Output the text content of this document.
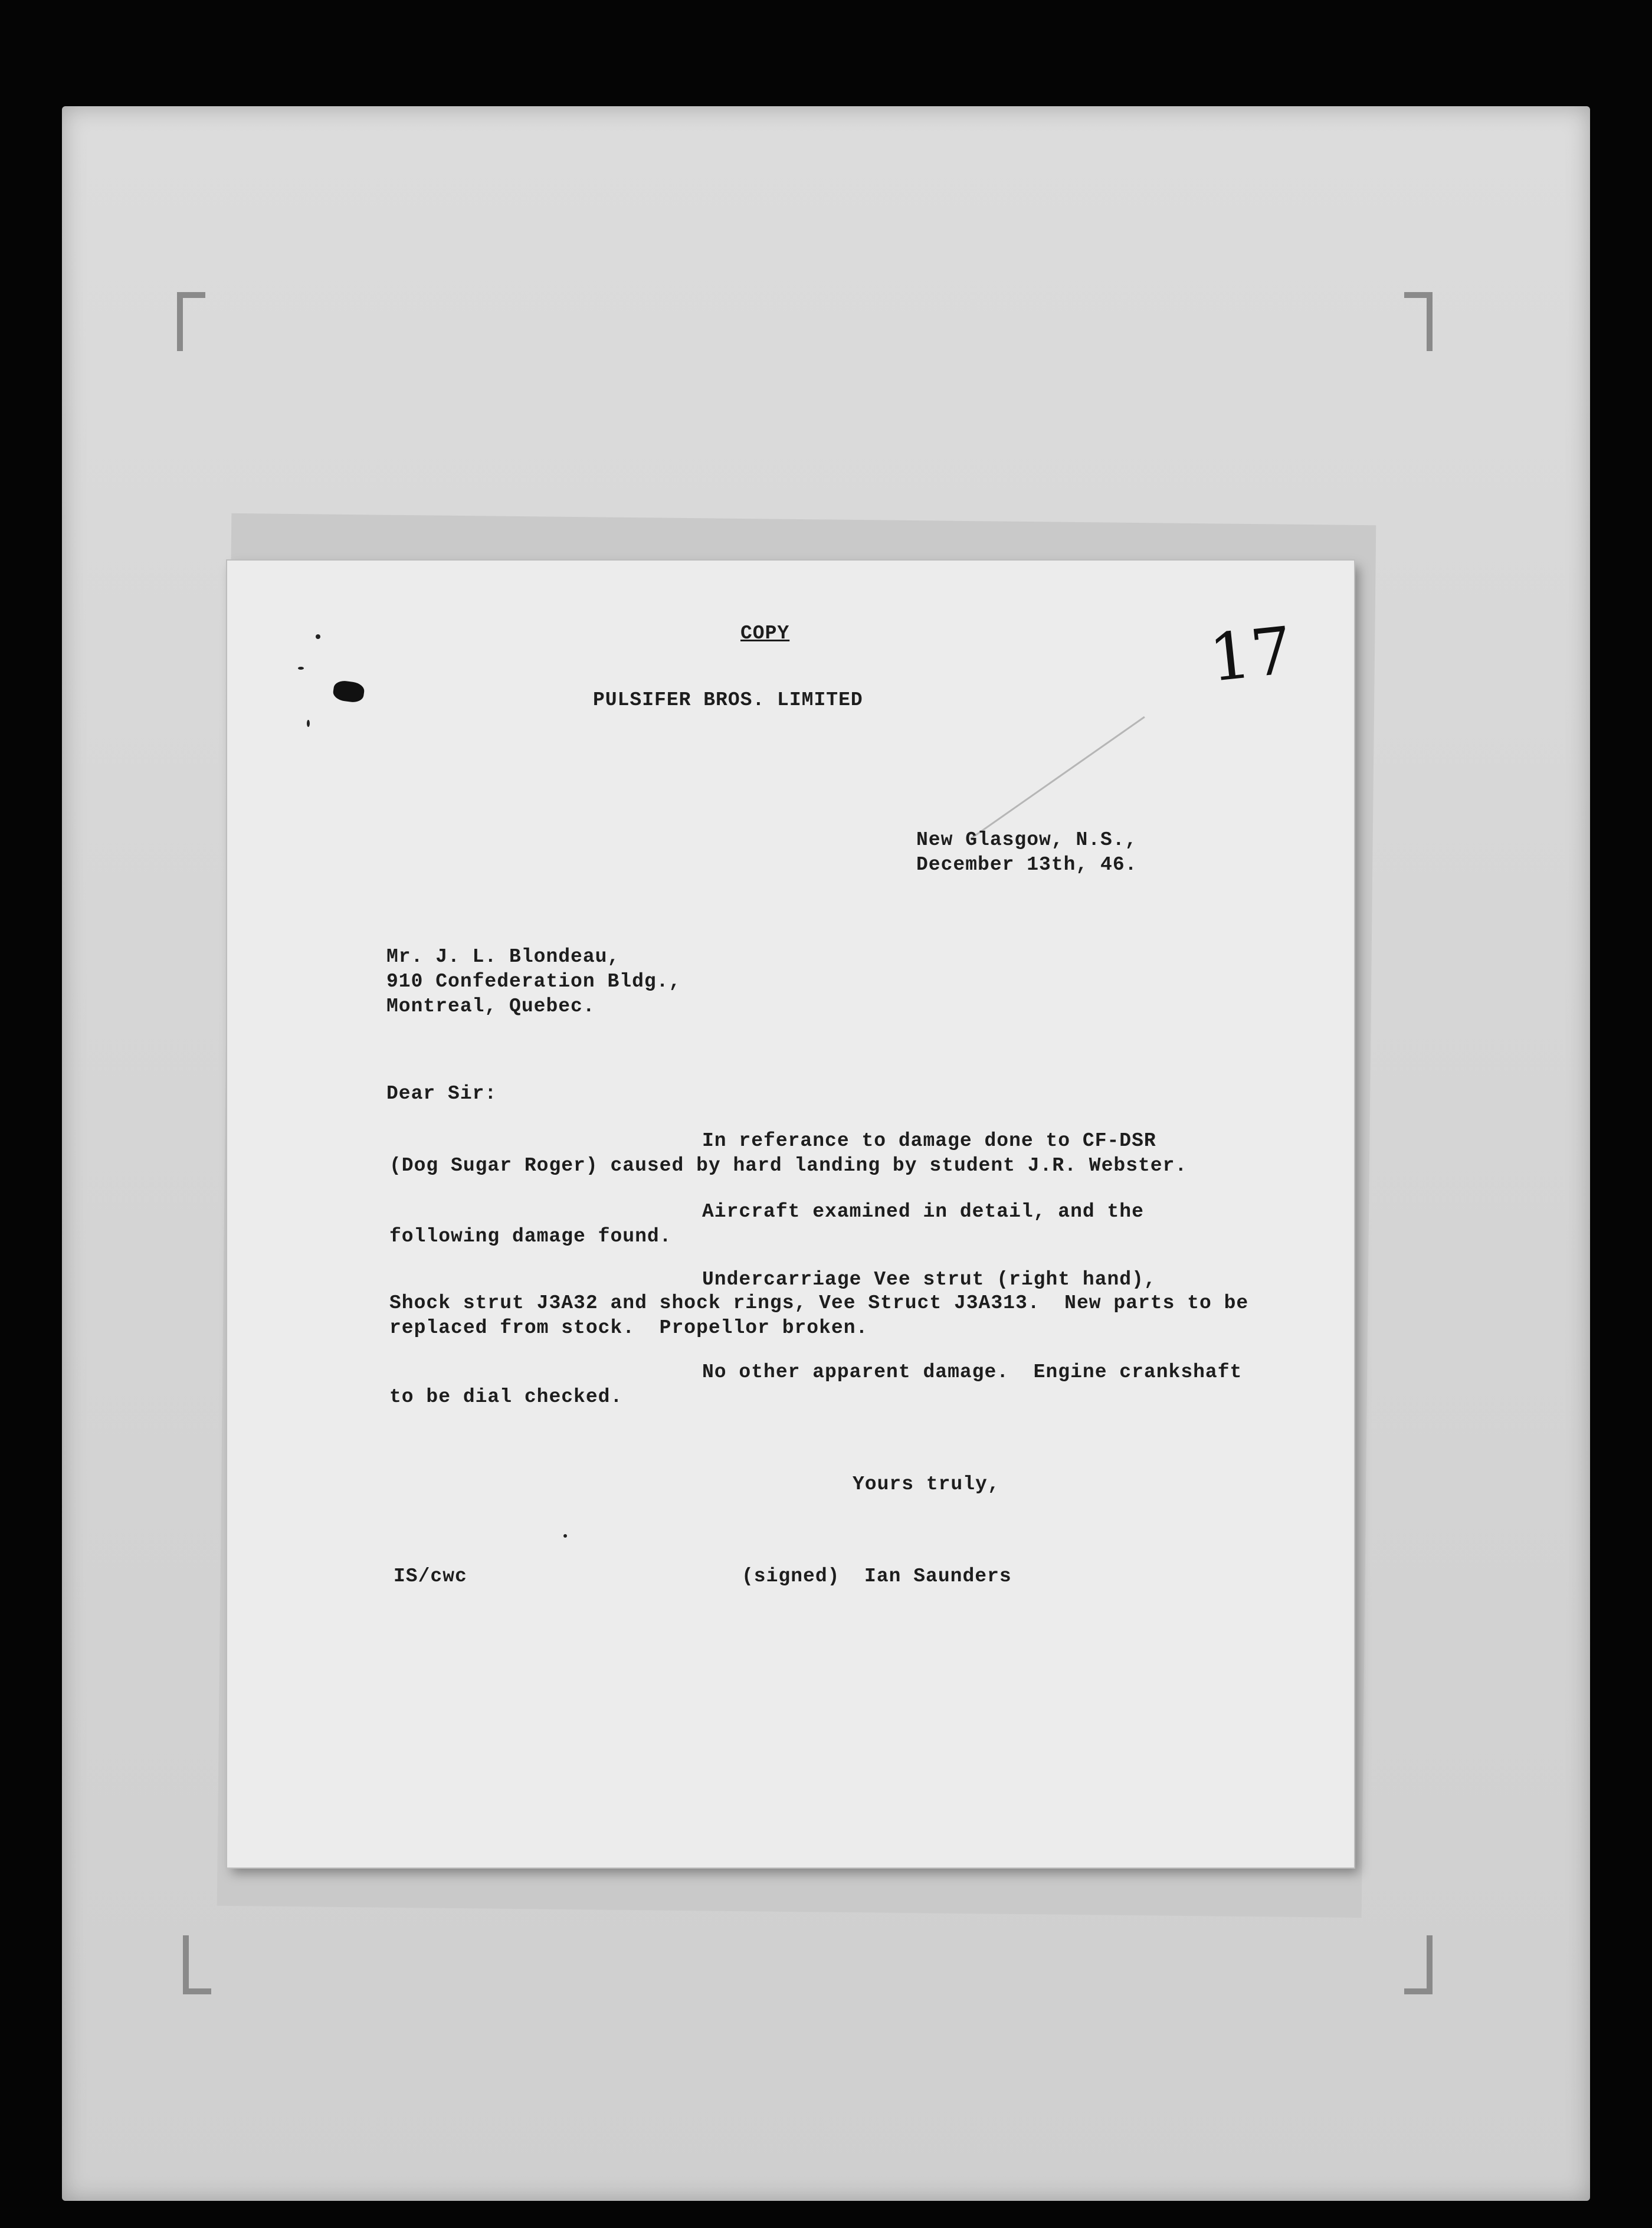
COPY
PULSIFER BROS. LIMITED
17
New Glasgow, N.S.,
December 13th, 46.
Mr. J. L. Blondeau,
910 Confederation Bldg.,
Montreal, Quebec.
Dear Sir:
In referance to damage done to CF-DSR
(Dog Sugar Roger) caused by hard landing by student J.R. Webster.
Aircraft examined in detail, and the
following damage found.
Undercarriage Vee strut (right hand),
Shock strut J3A32 and shock rings, Vee Struct J3A313.  New parts to be
replaced from stock.  Propellor broken.
No other apparent damage.  Engine crankshaft
to be dial checked.
Yours truly,
IS/cwc	(signed)  Ian Saunders
